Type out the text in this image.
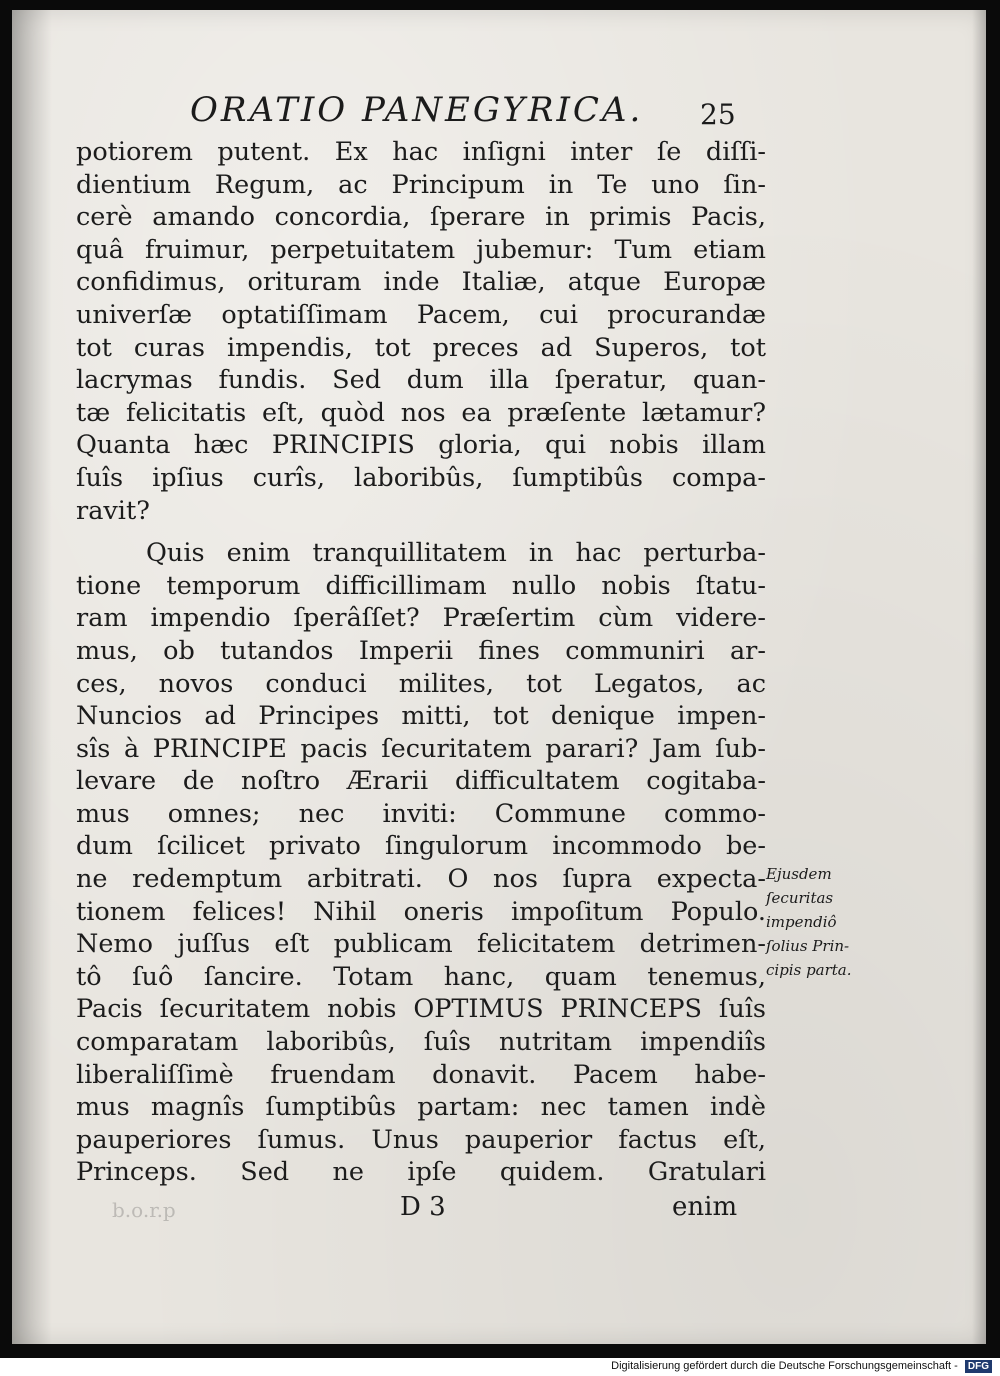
ORATIO PANEGYRICA.	25
potiorem putent. Ex hac inſigni inter ſe diſſi-
dientium Regum, ac Principum in Te uno ſin-
cerè amando concordia, ſperare in primis Pacis,
quâ fruimur, perpetuitatem jubemur: Tum etiam
confidimus, orituram inde Italiæ, atque Europæ
univerſæ optatiſſimam Pacem, cui procurandæ
tot curas impendis, tot preces ad Superos, tot
lacrymas fundis. Sed dum illa ſperatur, quan-
tæ felicitatis eſt, quòd nos ea præſente lætamur?
Quanta hæc PRINCIPIS gloria, qui nobis illam
ſuîs ipſius curîs, laboribûs, ſumptibûs compa-
ravit?
Quis enim tranquillitatem in hac perturba-
tione temporum difficillimam nullo nobis ſtatu-
ram impendio ſperâſſet? Præſertim cùm videre-
mus, ob tutandos Imperii fines communiri ar-
ces, novos conduci milites, tot Legatos, ac
Nuncios ad Principes mitti, tot denique impen-
sîs à PRINCIPE pacis ſecuritatem parari? Jam ſub-
levare de noſtro Ærarii difficultatem cogitaba-
mus omnes; nec inviti: Commune commo-
dum ſcilicet privato ſingulorum incommodo be-
ne redemptum arbitrati. O nos ſupra expecta-
tionem felices! Nihil oneris impoſitum Populo.
Nemo juſſus eſt publicam felicitatem detrimen-
tô ſuô ſancire. Totam hanc, quam tenemus,
Pacis ſecuritatem nobis OPTIMUS PRINCEPS ſuîs
comparatam laboribûs, ſuîs nutritam impendiîs
liberaliſſimè fruendam donavit. Pacem habe-
mus magnîs ſumptibûs partam: nec tamen indè
pauperiores ſumus. Unus pauperior factus eſt,
Princeps. Sed ne ipſe quidem. Gratulari
Ejusdem
ſecuritas
impendiô
ſolius Prin-
cipis parta.
b.o.r.p	D 3	enim
Digitalisierung gefördert durch die Deutsche Forschungsgemeinschaft - DFG
